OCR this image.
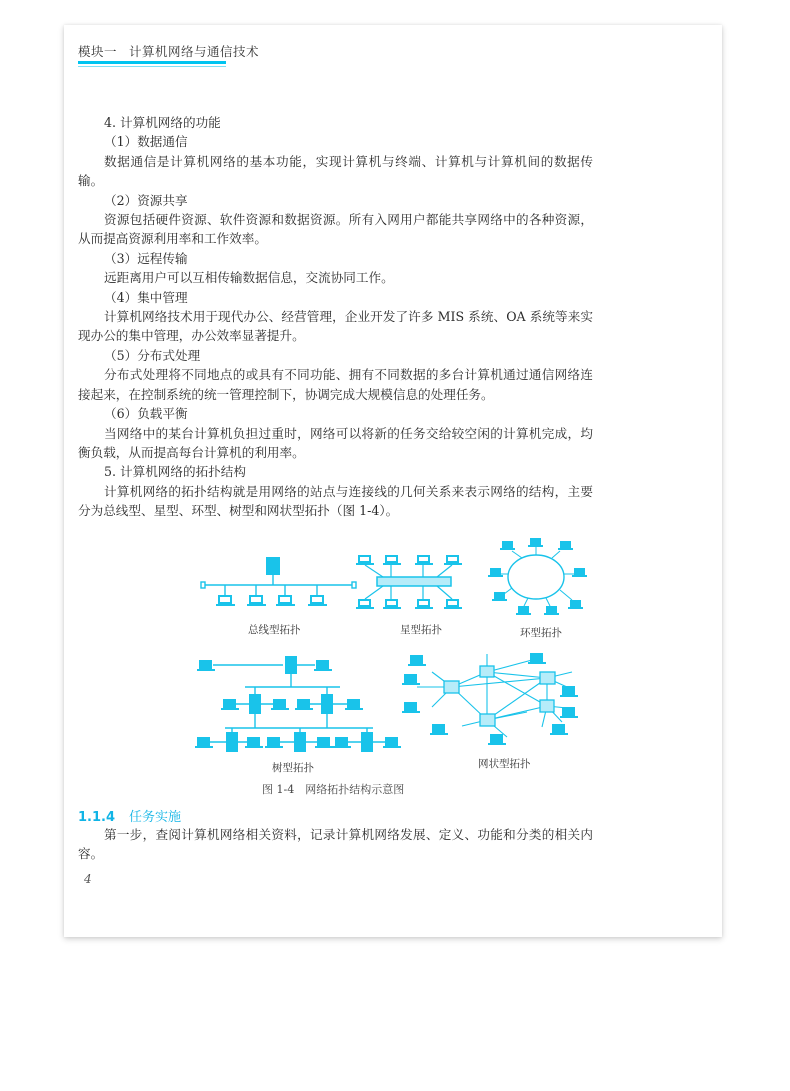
模块一 计算机网络与通信技术

4. 计算机网络的功能

（1）数据通信

数据通信是计算机网络的基本功能，实现计算机与终端、计算机与计算机间的数据传输。

（2）资源共享

资源包括硬件资源、软件资源和数据资源。所有入网用户都能共享网络中的各种资源，从而提高资源利用率和工作效率。

（3）远程传输

远距离用户可以互相传输数据信息，交流协同工作。

（4）集中管理

计算机网络技术用于现代办公、经营管理，企业开发了许多 MIS 系统、OA 系统等来实现办公的集中管理，办公效率显著提升。

（5）分布式处理

分布式处理将不同地点的或具有不同功能、拥有不同数据的多台计算机通过通信网络连接起来，在控制系统的统一管理控制下，协调完成大规模信息的处理任务。

（6）负载平衡

当网络中的某台计算机负担过重时，网络可以将新的任务交给较空闲的计算机完成，均衡负载，从而提高每台计算机的利用率。

5. 计算机网络的拓扑结构

计算机网络的拓扑结构就是用网络的站点与连接线的几何关系来表示网络的结构，主要分为总线型、星型、环型、树型和网状型拓扑（图 1-4）。

总线型拓扑	星型拓扑	环型拓扑
树型拓扑	网状型拓扑
图 1-4　网络拓扑结构示意图
1.1.4 任务实施

第一步，查阅计算机网络相关资料，记录计算机网络发展、定义、功能和分类的相关内容。

4
